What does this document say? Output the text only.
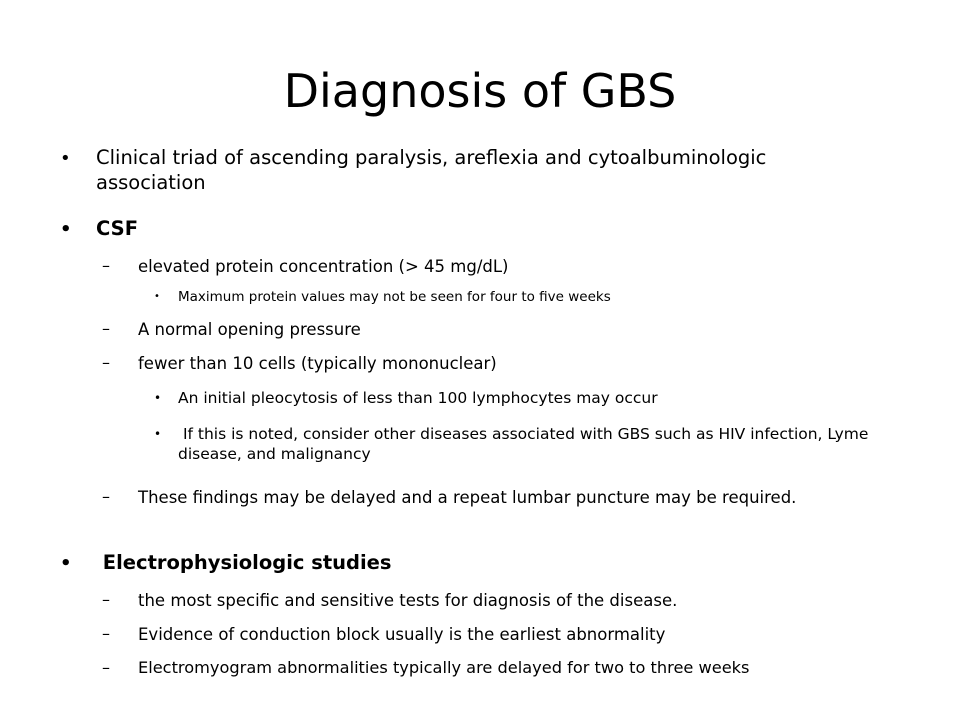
Diagnosis of GBS
•	Clinical triad of ascending paralysis, areflexia and cytoalbuminologic association
•	CSF
–	elevated protein concentration (> 45 mg/dL)
•	Maximum protein values may not be seen for four to five weeks
–	A normal opening pressure
–	fewer than 10 cells (typically mononuclear)
•	An initial pleocytosis of less than 100 lymphocytes may occur
•	If this is noted, consider other diseases associated with GBS such as HIV infection, Lyme disease, and malignancy
–	These findings may be delayed and a repeat lumbar puncture may be required.
•	Electrophysiologic studies
–	the most specific and sensitive tests for diagnosis of the disease.
–	Evidence of conduction block usually is the earliest abnormality
–	Electromyogram abnormalities typically are delayed for two to three weeks
